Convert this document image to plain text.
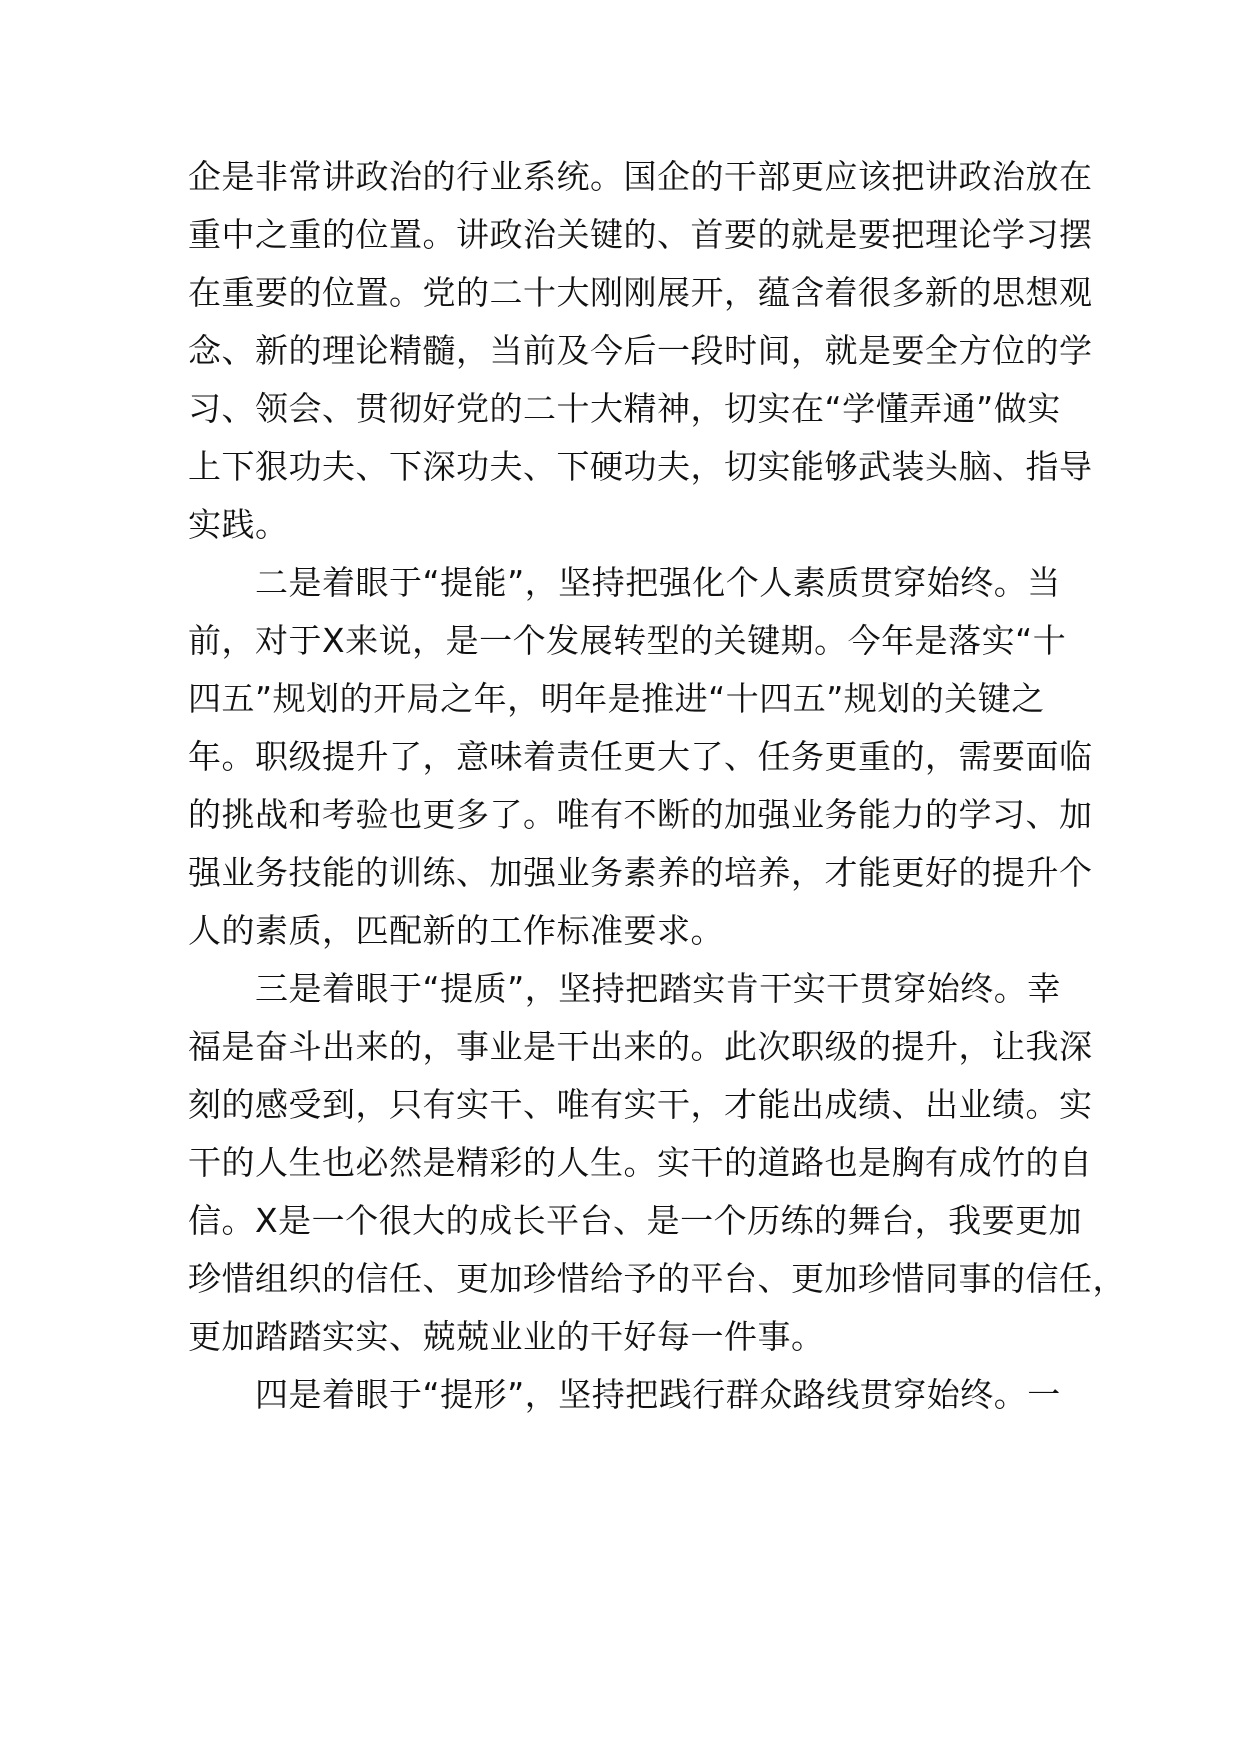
企是非常讲政治的行业系统。国企的干部更应该把讲政治放在
重中之重的位置。讲政治关键的、首要的就是要把理论学习摆
在重要的位置。党的二十大刚刚展开，蕴含着很多新的思想观
念、新的理论精髓，当前及今后一段时间，就是要全方位的学
习、领会、贯彻好党的二十大精神，切实在“学懂弄通”做实
上下狠功夫、下深功夫、下硬功夫，切实能够武装头脑、指导
实践。
　　二是着眼于“提能”，坚持把强化个人素质贯穿始终。当
前，对于X来说，是一个发展转型的关键期。今年是落实“十
四五”规划的开局之年，明年是推进“十四五”规划的关键之
年。职级提升了，意味着责任更大了、任务更重的，需要面临
的挑战和考验也更多了。唯有不断的加强业务能力的学习、加
强业务技能的训练、加强业务素养的培养，才能更好的提升个
人的素质，匹配新的工作标准要求。
　　三是着眼于“提质”，坚持把踏实肯干实干贯穿始终。幸
福是奋斗出来的，事业是干出来的。此次职级的提升，让我深
刻的感受到，只有实干、唯有实干，才能出成绩、出业绩。实
干的人生也必然是精彩的人生。实干的道路也是胸有成竹的自
信。X是一个很大的成长平台、是一个历练的舞台，我要更加
珍惜组织的信任、更加珍惜给予的平台、更加珍惜同事的信任，
更加踏踏实实、兢兢业业的干好每一件事。
　　四是着眼于“提形”，坚持把践行群众路线贯穿始终。一
